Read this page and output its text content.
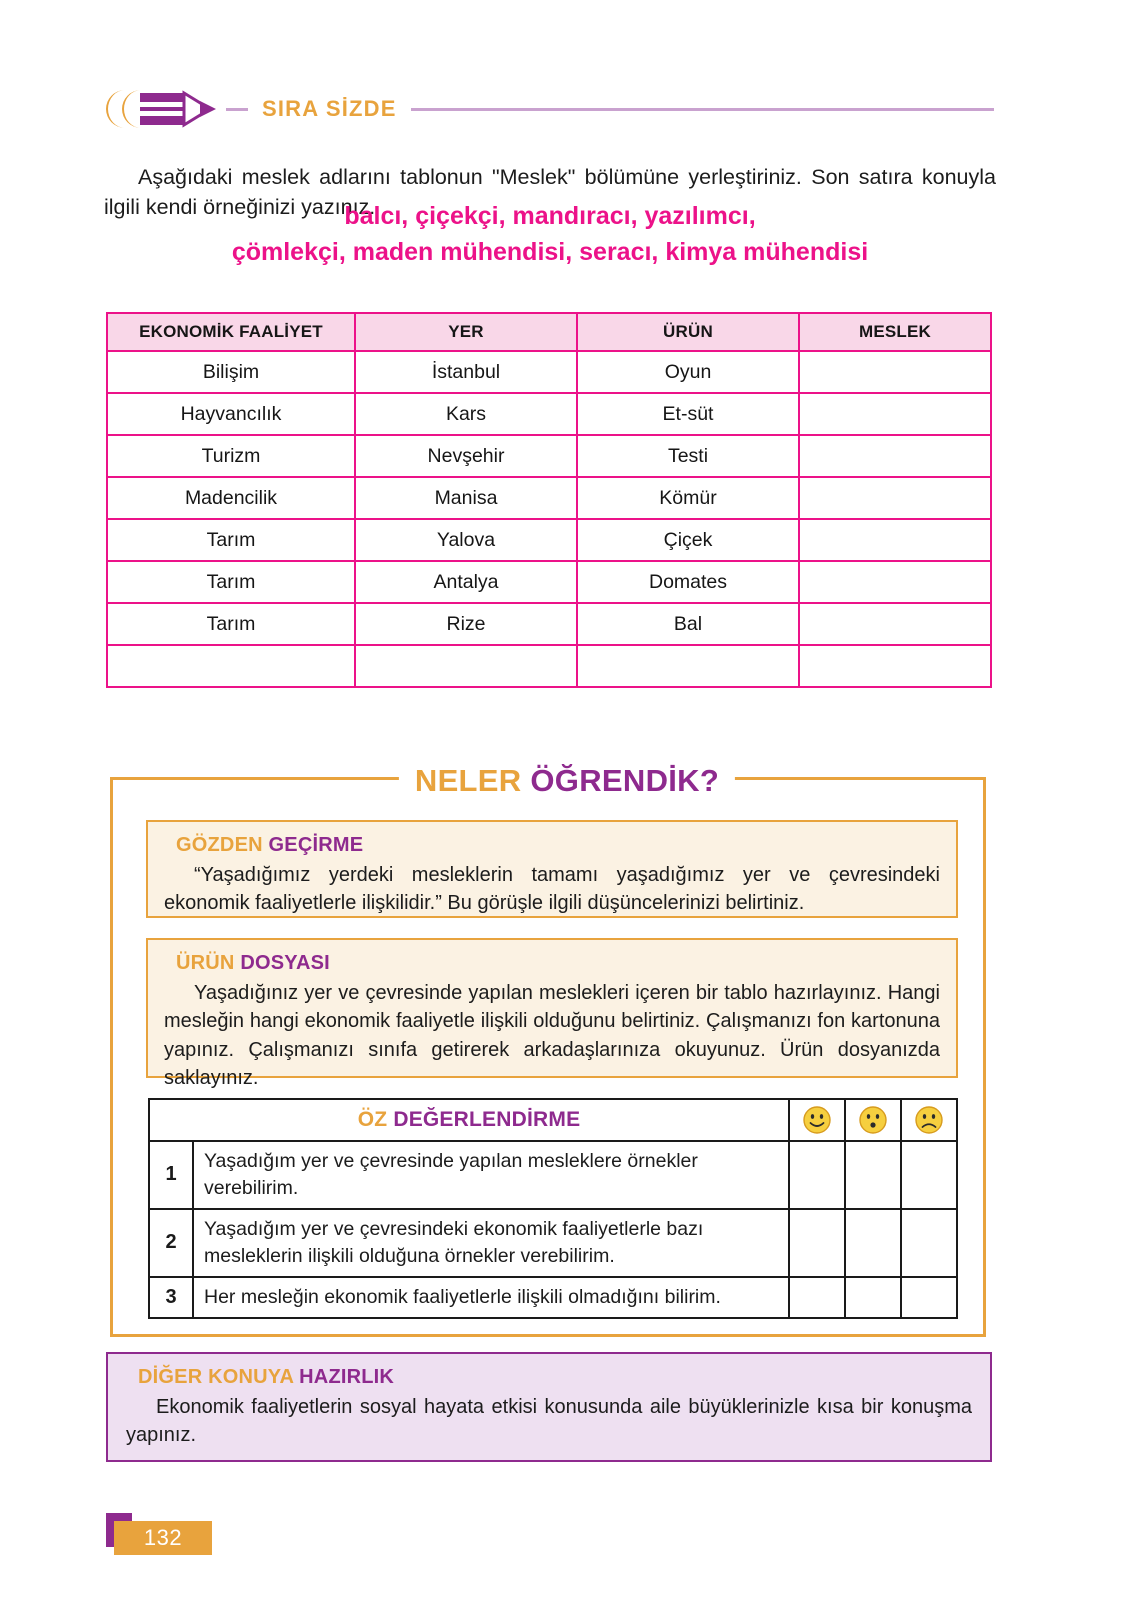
SIRA SİZDE

Aşağıdaki meslek adlarını tablonun "Meslek" bölümüne yerleştiriniz. Son satıra konuyla ilgili kendi örneğinizi yazınız.

balcı, çiçekçi, mandıracı, yazılımcı,
çömlekçi, maden mühendisi, seracı, kimya mühendisi
EKONOMİK FAALİYET	YER	ÜRÜN	MESLEK
Bilişim	İstanbul	Oyun	
Hayvancılık	Kars	Et-süt	
Turizm	Nevşehir	Testi	
Madencilik	Manisa	Kömür	
Tarım	Yalova	Çiçek	
Tarım	Antalya	Domates	
Tarım	Rize	Bal	

NELER ÖĞRENDİK?
GÖZDEN GEÇİRME

“Yaşadığımız yerdeki mesleklerin tamamı yaşadığımız yer ve çevresindeki ekonomik faaliyetlerle ilişkilidir.” Bu görüşle ilgili düşüncelerinizi belirtiniz.

ÜRÜN DOSYASI

Yaşadığınız yer ve çevresinde yapılan meslekleri içeren bir tablo hazırlayınız. Hangi mesleğin hangi ekonomik faaliyetle ilişkili olduğunu belirtiniz. Çalışmanızı fon kartonuna yapınız. Çalışmanızı sınıfa getirerek arkadaşlarınıza okuyunuz. Ürün dosyanızda saklayınız.

ÖZ DEĞERLENDİRME	

1	Yaşadığım yer ve çevresinde yapılan mesleklere örnekler verebilirim.			
2	Yaşadığım yer ve çevresindeki ekonomik faaliyetlerle bazı mesleklerin ilişkili olduğuna örnekler verebilirim.			
3	Her mesleğin ekonomik faaliyetlerle ilişkili olmadığını bilirim.			
DİĞER KONUYA HAZIRLIK

Ekonomik faaliyetlerin sosyal hayata etkisi konusunda aile büyüklerinizle kısa bir konuşma yapınız.

132
